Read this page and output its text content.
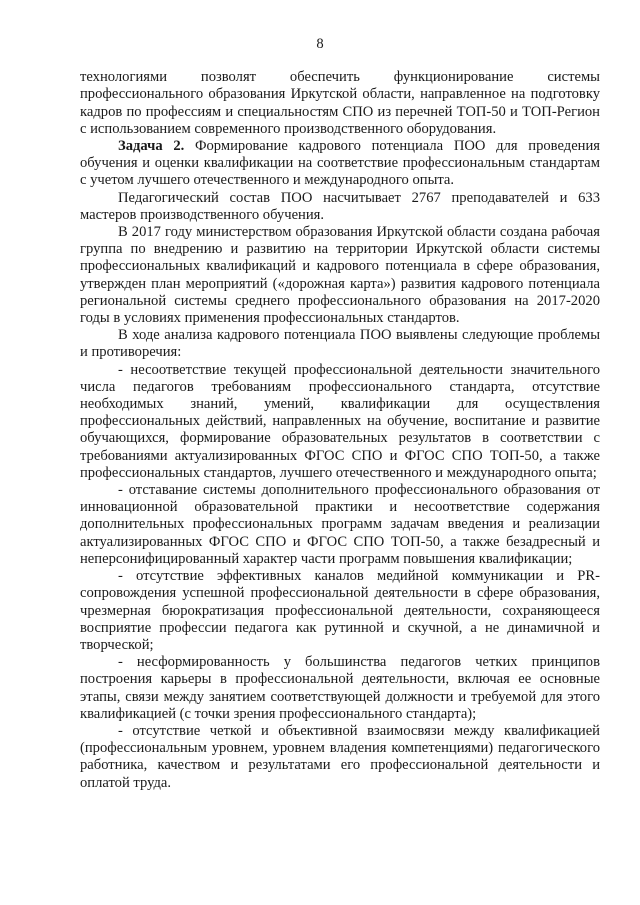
8

технологиями позволят обеспечить функционирование системы профессионального образования Иркутской области, направленное на подготовку кадров по профессиям и специальностям СПО из перечней ТОП-50 и ТОП-Регион с использованием современного производственного оборудования.

Задача 2. Формирование кадрового потенциала ПОО для проведения обучения и оценки квалификации на соответствие профессиональным стандартам с учетом лучшего отечественного и международного опыта.

Педагогический состав ПОО насчитывает 2767 преподавателей и 633 мастеров производственного обучения.

В 2017 году министерством образования Иркутской области создана рабочая группа по внедрению и развитию на территории Иркутской области системы профессиональных квалификаций и кадрового потенциала в сфере образования, утвержден план мероприятий («дорожная карта») развития кадрового потенциала региональной системы среднего профессионального образования на 2017-2020 годы в условиях применения профессиональных стандартов.

В ходе анализа кадрового потенциала ПОО выявлены следующие проблемы и противоречия:

- несоответствие текущей профессиональной деятельности значительного числа педагогов требованиям профессионального стандарта, отсутствие необходимых знаний, умений, квалификации для осуществления профессиональных действий, направленных на обучение, воспитание и развитие обучающихся, формирование образовательных результатов в соответствии с требованиями актуализированных ФГОС СПО и ФГОС СПО ТОП-50, а также профессиональных стандартов, лучшего отечественного и международного опыта;

- отставание системы дополнительного профессионального образования от инновационной образовательной практики и несоответствие содержания дополнительных профессиональных программ задачам введения и реализации актуализированных ФГОС СПО и ФГОС СПО ТОП-50, а также безадресный и неперсонифицированный характер части программ повышения квалификации;

- отсутствие эффективных каналов медийной коммуникации и PR-сопровождения успешной профессиональной деятельности в сфере образования, чрезмерная бюрократизация профессиональной деятельности, сохраняющееся восприятие профессии педагога как рутинной и скучной, а не динамичной и творческой;

- несформированность у большинства педагогов четких принципов построения карьеры в профессиональной деятельности, включая ее основные этапы, связи между занятием соответствующей должности и требуемой для этого квалификацией (с точки зрения профессионального стандарта);

- отсутствие четкой и объективной взаимосвязи между квалификацией (профессиональным уровнем, уровнем владения компетенциями) педагогического работника, качеством и результатами его профессиональной деятельности и оплатой труда.
